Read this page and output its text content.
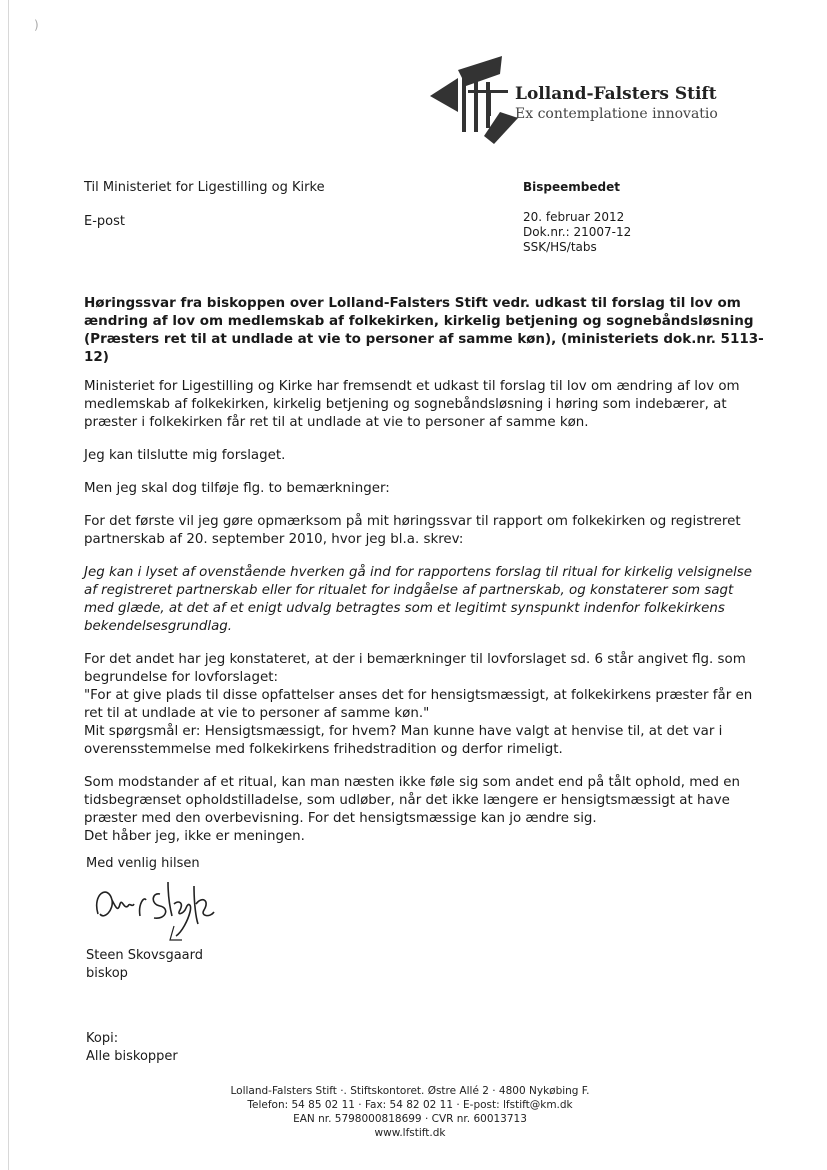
)
Lolland-Falsters Stift
Ex contemplatione innovatio
Til Ministeriet for Ligestilling og Kirke
E-post
Bispeembedet
20. februar 2012
Dok.nr.: 21007-12
SSK/HS/tabs
Høringssvar fra biskoppen over Lolland-Falsters Stift vedr. udkast til forslag til lov om ændring af lov om medlemskab af folkekirken, kirkelig betjening og sognebåndsløsning (Præsters ret til at undlade at vie to personer af samme køn), (ministeriets dok.nr. 5113-12)

Ministeriet for Ligestilling og Kirke har fremsendt et udkast til forslag til lov om ændring af lov om medlemskab af folkekirken, kirkelig betjening og sognebåndsløsning i høring som indebærer, at præster i folkekirken får ret til at undlade at vie to personer af samme køn.

Jeg kan tilslutte mig forslaget.

Men jeg skal dog tilføje flg. to bemærkninger:

For det første vil jeg gøre opmærksom på mit høringssvar til rapport om folkekirken og registreret partnerskab af 20. september 2010, hvor jeg bl.a. skrev:

Jeg kan i lyset af ovenstående hverken gå ind for rapportens forslag til ritual for kirkelig velsignelse af registreret partnerskab eller for ritualet for indgåelse af partnerskab, og konstaterer som sagt med glæde, at det af et enigt udvalg betragtes som et legitimt synspunkt indenfor folkekirkens bekendelsesgrundlag.

For det andet har jeg konstateret, at der i bemærkninger til lovforslaget sd. 6 står angivet flg. som begrundelse for lovforslaget:

"For at give plads til disse opfattelser anses det for hensigtsmæssigt, at folkekirkens præster får en ret til at undlade at vie to personer af samme køn."

Mit spørgsmål er: Hensigtsmæssigt, for hvem? Man kunne have valgt at henvise til, at det var i overensstemmelse med folkekirkens frihedstradition og derfor rimeligt.

Som modstander af et ritual, kan man næsten ikke føle sig som andet end på tålt ophold, med en tidsbegrænset opholdstilladelse, som udløber, når det ikke længere er hensigtsmæssigt at have præster med den overbevisning. For det hensigtsmæssige kan jo ændre sig.

Det håber jeg, ikke er meningen.

Med venlig hilsen
Steen Skovsgaard
biskop
Kopi:
Alle biskopper
Lolland-Falsters Stift ·. Stiftskontoret. Østre Allé 2 · 4800 Nykøbing F.
Telefon: 54 85 02 11 · Fax: 54 82 02 11 · E-post: lfstift@km.dk
EAN nr. 5798000818699 · CVR nr. 60013713
www.lfstift.dk
